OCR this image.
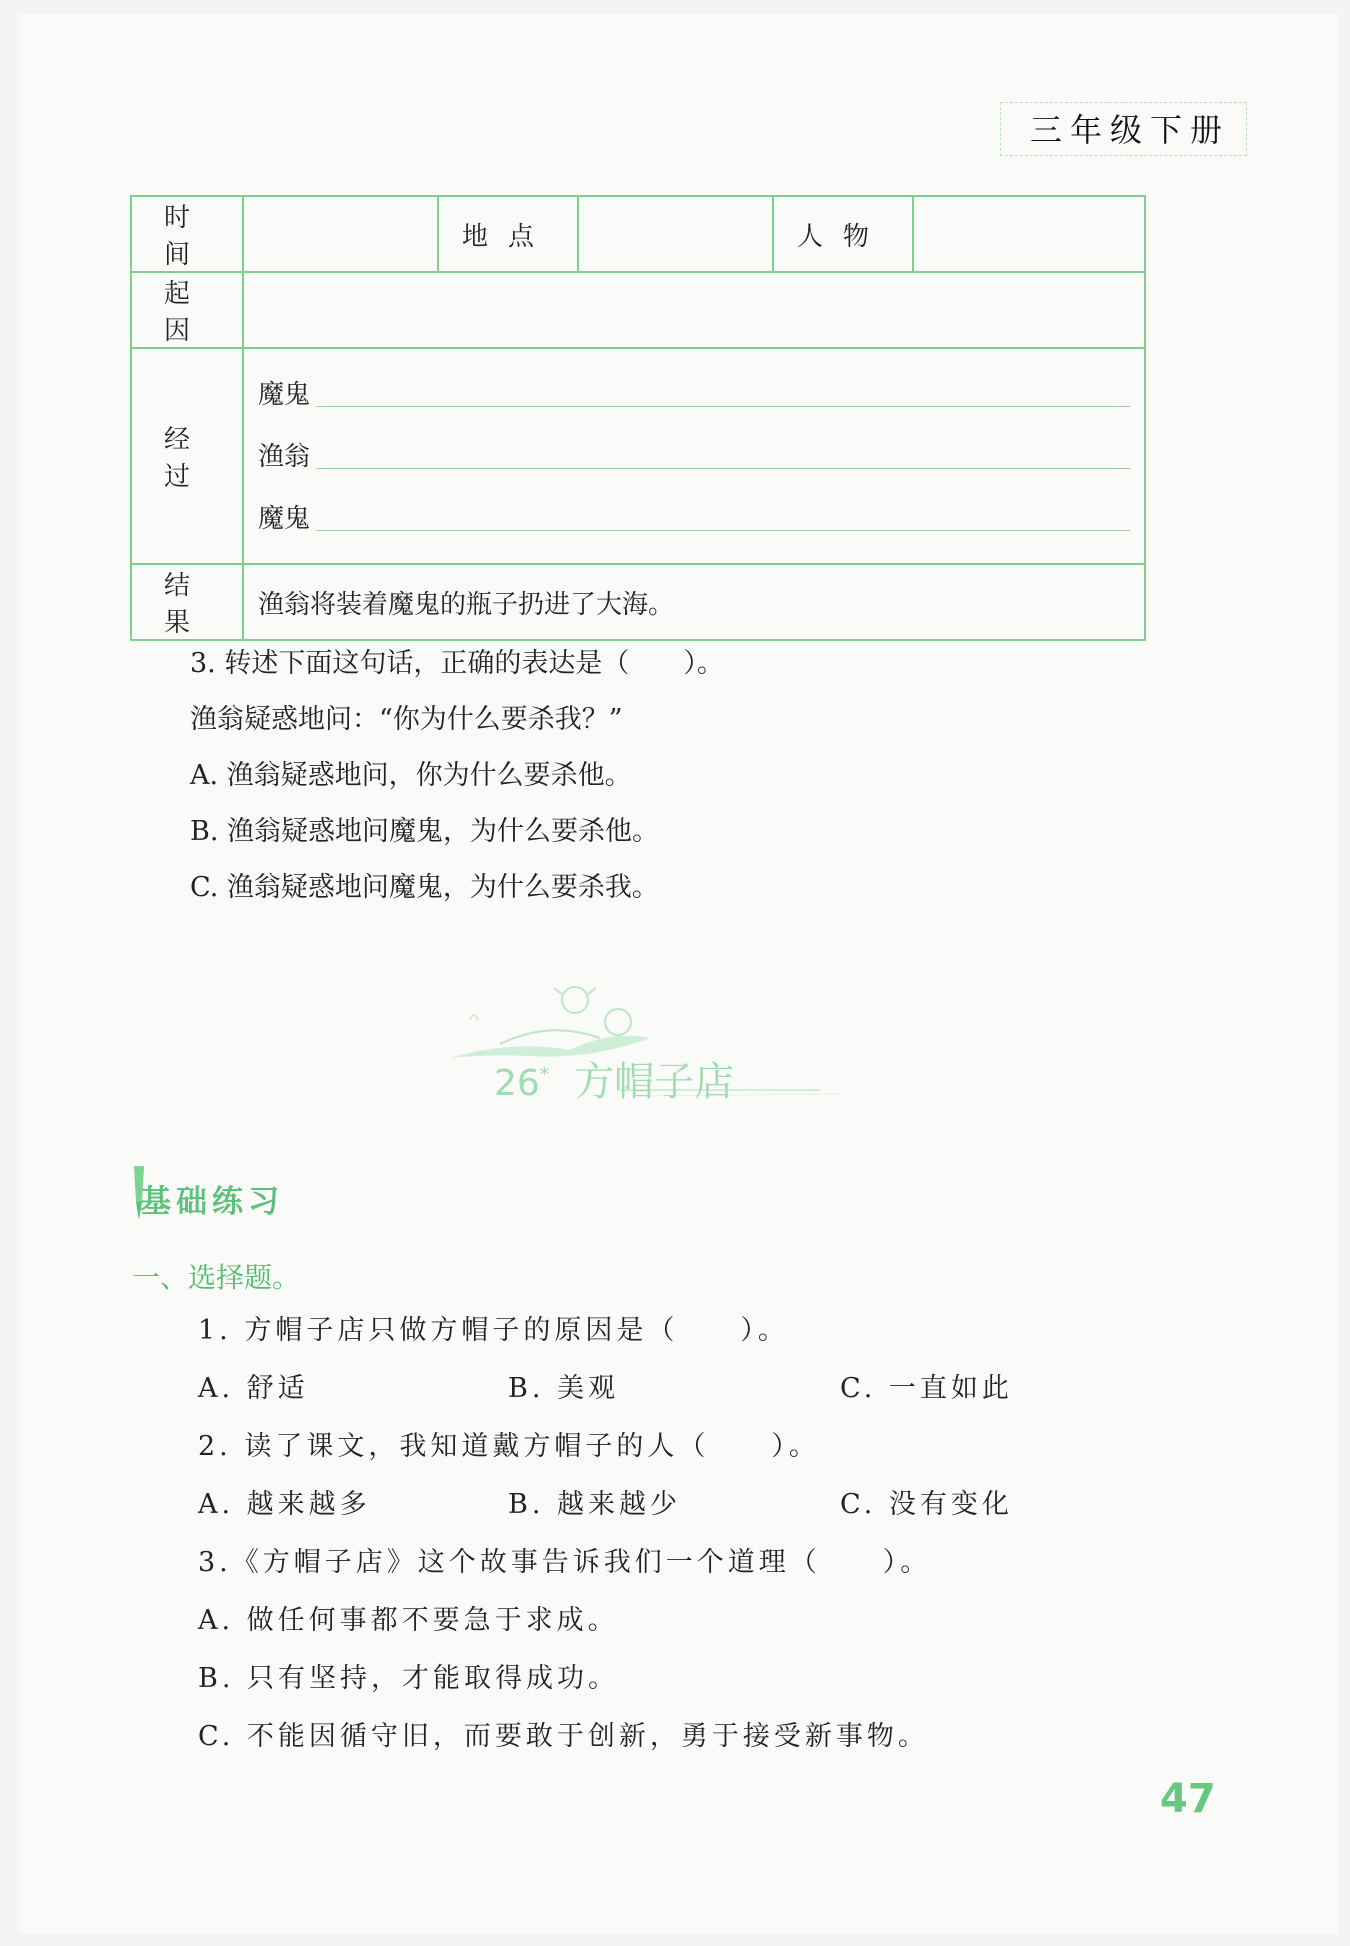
三年级下册
时间		地点		人物	
起因					
经过	魔鬼
渔翁
魔鬼				

结果	渔翁将装着魔鬼的瓶子扔进了大海。				
3. 转述下面这句话，正确的表达是（　　）。
渔翁疑惑地问：“你为什么要杀我？”
A. 渔翁疑惑地问，你为什么要杀他。
B. 渔翁疑惑地问魔鬼，为什么要杀他。
C. 渔翁疑惑地问魔鬼，为什么要杀我。
26* 方帽子店
基础练习
一、选择题。
1. 方帽子店只做方帽子的原因是（　　）。
A. 舒适	B. 美观	C. 一直如此
2. 读了课文，我知道戴方帽子的人（　　）。
A. 越来越多	B. 越来越少	C. 没有变化
3.《方帽子店》这个故事告诉我们一个道理（　　）。
A. 做任何事都不要急于求成。
B. 只有坚持，才能取得成功。
C. 不能因循守旧，而要敢于创新，勇于接受新事物。
47
